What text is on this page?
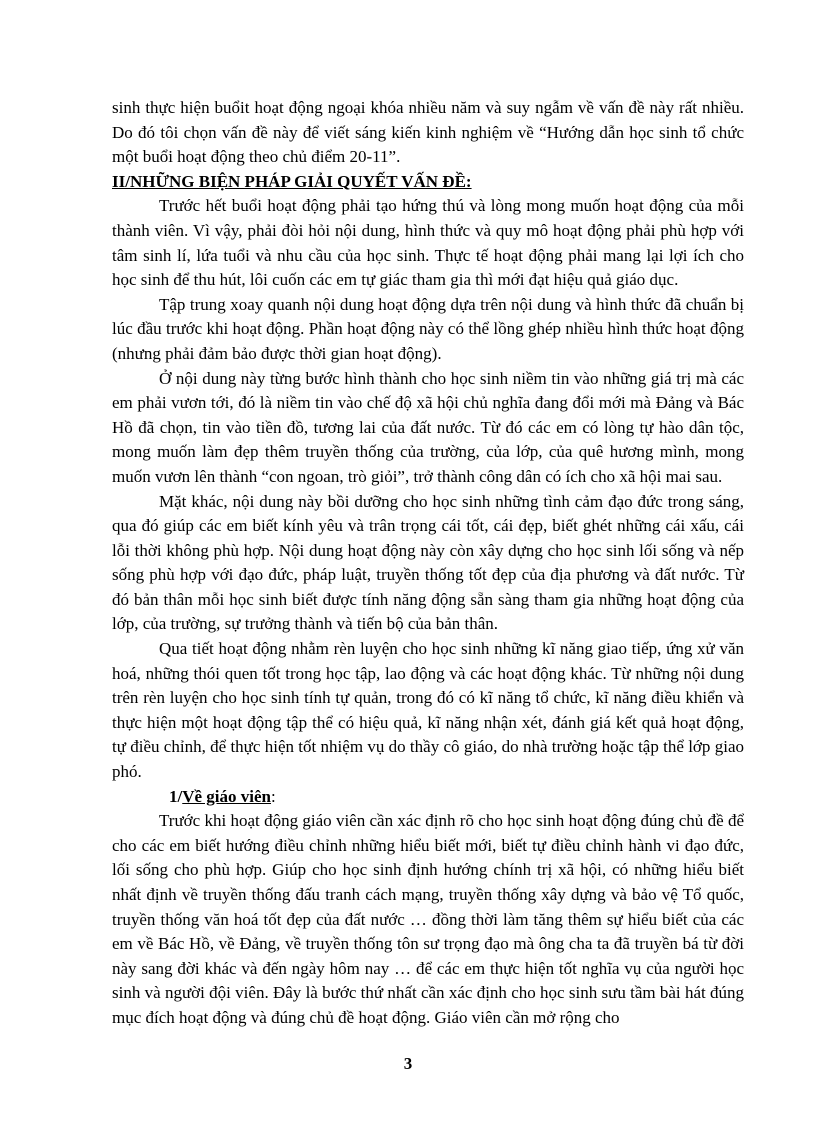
sinh thực hiện buổit hoạt động ngoại khóa nhiều năm và suy ngẫm về vấn đề này rất nhiều. Do đó tôi chọn vấn đề này để viết sáng kiến kinh nghiệm về “Hướng dẫn học sinh tổ chức một buổi hoạt động theo chủ điểm 20-11”.

II/NHỮNG BIỆN PHÁP GIẢI QUYẾT VẤN ĐỀ:

Trước hết buổi hoạt động phải tạo hứng thú và lòng mong muốn hoạt động của mỗi thành viên. Vì vậy, phải đòi hỏi nội dung, hình thức và quy mô hoạt động phải phù hợp với tâm sinh lí, lứa tuổi và nhu cầu của học sinh. Thực tế hoạt động phải mang lại lợi ích cho học sinh để thu hút, lôi cuốn các em tự giác tham gia thì mới đạt hiệu quả giáo dục.

Tập trung xoay quanh nội dung hoạt động dựa trên nội dung và hình thức đã chuẩn bị lúc đầu trước khi hoạt động. Phần hoạt động này có thể lồng ghép nhiều hình thức hoạt động (nhưng phải đảm bảo được thời gian hoạt động).

Ở nội dung này từng bước hình thành cho học sinh niềm tin vào những giá trị mà các em phải vươn tới, đó là niềm tin vào chế độ xã hội chủ nghĩa đang đổi mới mà Đảng và Bác Hồ đã chọn, tin vào tiền đồ, tương lai của đất nước. Từ đó các em có lòng tự hào dân tộc, mong muốn làm đẹp thêm truyền thống của trường, của lớp, của quê hương mình, mong muốn vươn lên thành “con ngoan, trò giỏi”, trở thành công dân có ích cho xã hội mai sau.

Mặt khác, nội dung này bồi dưỡng cho học sinh những tình cảm đạo đức trong sáng, qua đó giúp các em biết kính yêu và trân trọng cái tốt, cái đẹp, biết ghét những cái xấu, cái lỗi thời không phù hợp. Nội dung hoạt động này còn xây dựng cho học sinh lối sống và nếp sống phù hợp với đạo đức, pháp luật, truyền thống tốt đẹp của địa phương và đất nước. Từ đó bản thân mỗi học sinh biết được tính năng động sẵn sàng tham gia những hoạt động của lớp, của trường, sự trưởng thành và tiến bộ của bản thân.

Qua tiết hoạt động nhằm rèn luyện cho học sinh những kĩ năng giao tiếp, ứng xử văn hoá, những thói quen tốt trong học tập, lao động và các hoạt động khác. Từ những nội dung trên rèn luyện cho học sinh tính tự quản, trong đó có kĩ năng tổ chức, kĩ năng điều khiển và thực hiện một hoạt động tập thể có hiệu quả, kĩ năng nhận xét, đánh giá kết quả hoạt động, tự điều chỉnh, để thực hiện tốt nhiệm vụ do thầy cô giáo, do nhà trường hoặc tập thể lớp giao phó.

1/Về giáo viên:

Trước khi hoạt động giáo viên cần xác định rõ cho học sinh hoạt động đúng chủ đề để cho các em biết hướng điều chỉnh những hiểu biết mới, biết tự điều chỉnh hành vi đạo đức, lối sống cho phù hợp. Giúp cho học sinh định hướng chính trị xã hội, có những hiểu biết nhất định về truyền thống đấu tranh cách mạng, truyền thống xây dựng và bảo vệ Tổ quốc, truyền thống văn hoá tốt đẹp của đất nước … đồng thời làm tăng thêm sự hiểu biết của các em về Bác Hồ, về Đảng, về truyền thống tôn sư trọng đạo mà ông cha ta đã truyền bá từ đời này sang đời khác và đến ngày hôm nay … để các em thực hiện tốt nghĩa vụ của người học sinh và người đội viên. Đây là bước thứ nhất cần xác định cho học sinh sưu tầm bài hát đúng mục đích hoạt động và đúng chủ đề hoạt động. Giáo viên cần mở rộng cho

3
